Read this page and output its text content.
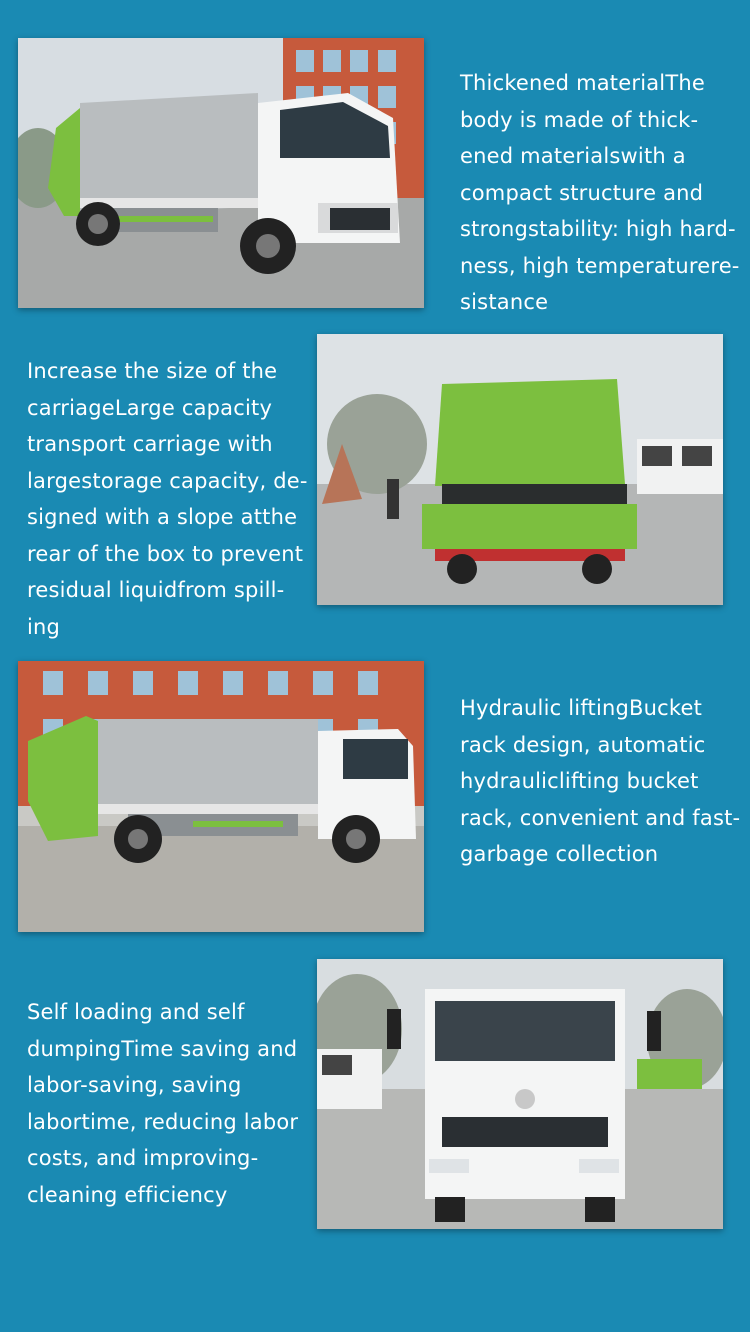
Thickened materialThe
body is made of thick-
ened materialswith a
compact structure and
strongstability: high hard-
ness, high temperaturere-
sistance
Increase the size of the
carriageLarge capacity
transport carriage with
largestorage capacity, de-
signed with a slope atthe
rear of the box to prevent
residual liquidfrom spill-
ing
Hydraulic liftingBucket
rack design, automatic
hydrauliclifting bucket
rack, convenient and fast-
garbage collection
Self loading and self
dumpingTime saving and
labor-saving, saving
labortime, reducing labor
costs, and improving-
cleaning efficiency
